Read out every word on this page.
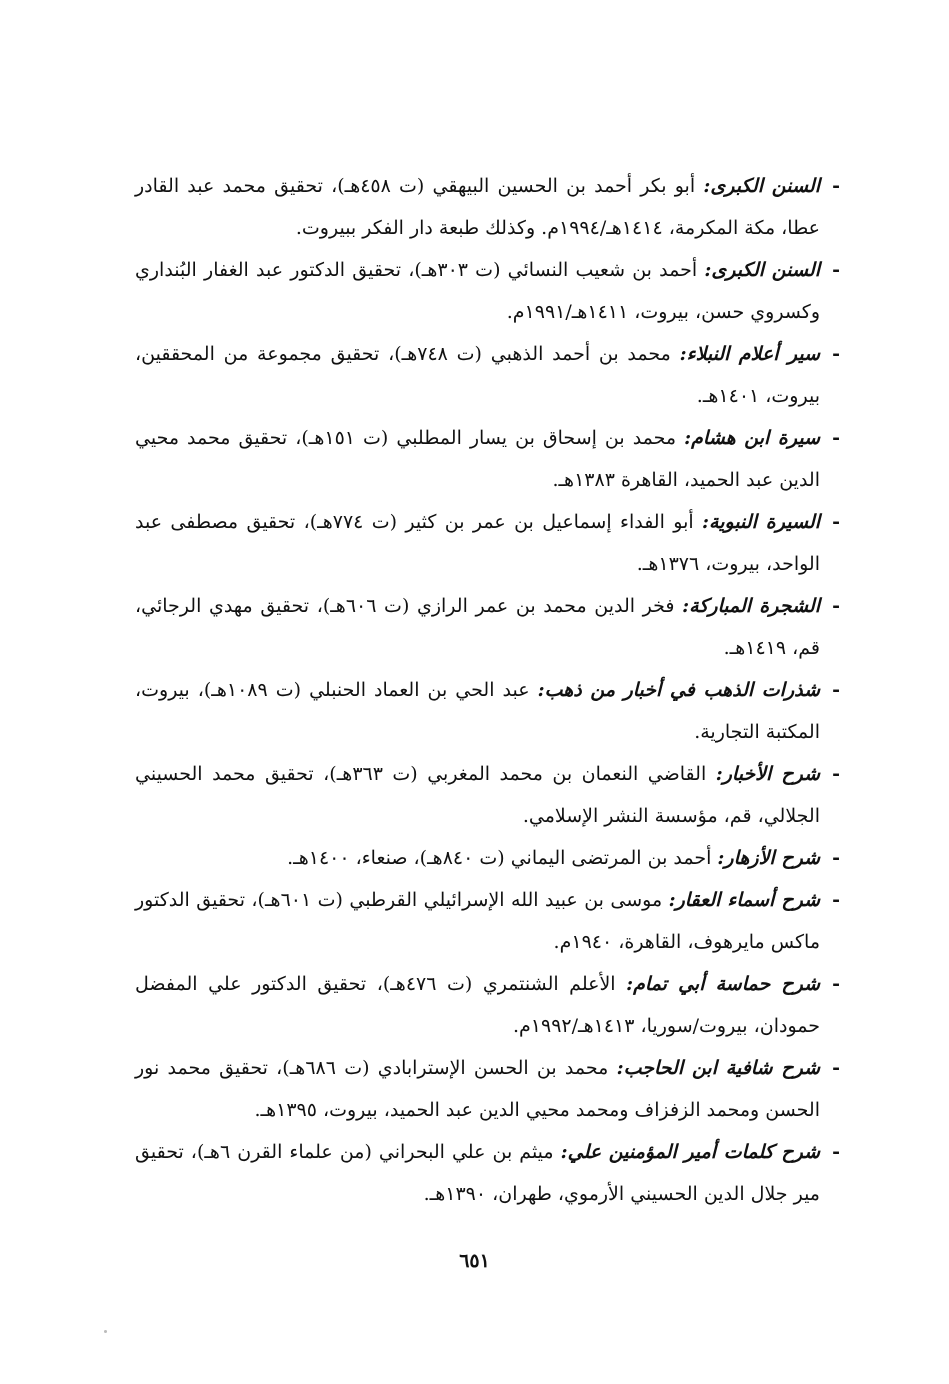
-
السنن الكبرى: أبو بكر أحمد بن الحسين البيهقي (ت ٤٥٨هـ)، تحقيق محمد عبد القادر عطا، مكة المكرمة، ١٤١٤هـ/١٩٩٤م. وكذلك طبعة دار الفكر ببيروت.
-
السنن الكبرى: أحمد بن شعيب النسائي (ت ٣٠٣هـ)، تحقيق الدكتور عبد الغفار البُنداري وكسروي حسن، بيروت، ١٤١١هـ/١٩٩١م.
-
سير أعلام النبلاء: محمد بن أحمد الذهبي (ت ٧٤٨هـ)، تحقيق مجموعة من المحققين، بيروت، ١٤٠١هـ.
-
سيرة ابن هشام: محمد بن إسحاق بن يسار المطلبي (ت ١٥١هـ)، تحقيق محمد محيي الدين عبد الحميد، القاهرة ١٣٨٣هـ.
-
السيرة النبوية: أبو الفداء إسماعيل بن عمر بن كثير (ت ٧٧٤هـ)، تحقيق مصطفى عبد الواحد، بيروت، ١٣٧٦هـ.
-
الشجرة المباركة: فخر الدين محمد بن عمر الرازي (ت ٦٠٦هـ)، تحقيق مهدي الرجائي، قم، ١٤١٩هـ.
-
شذرات الذهب في أخبار من ذهب: عبد الحي بن العماد الحنبلي (ت ١٠٨٩هـ)، بيروت، المكتبة التجارية.
-
شرح الأخبار: القاضي النعمان بن محمد المغربي (ت ٣٦٣هـ)، تحقيق محمد الحسيني الجلالي، قم، مؤسسة النشر الإسلامي.
-
شرح الأزهار: أحمد بن المرتضى اليماني (ت ٨٤٠هـ)، صنعاء، ١٤٠٠هـ.
-
شرح أسماء العقار: موسى بن عبيد الله الإسرائيلي القرطبي (ت ٦٠١هـ)، تحقيق الدكتور ماكس مايرهوف، القاهرة، ١٩٤٠م.
-
شرح حماسة أبي تمام: الأعلم الشنتمري (ت ٤٧٦هـ)، تحقيق الدكتور علي المفضل حمودان، بيروت/سوريا، ١٤١٣هـ/١٩٩٢م.
-
شرح شافية ابن الحاجب: محمد بن الحسن الإسترابادي (ت ٦٨٦هـ)، تحقيق محمد نور الحسن ومحمد الزفزاف ومحمد محيي الدين عبد الحميد، بيروت، ١٣٩٥هـ.
-
شرح كلمات أمير المؤمنين علي: ميثم بن علي البحراني (من علماء القرن ٦هـ)، تحقيق مير جلال الدين الحسيني الأرموي، طهران، ١٣٩٠هـ.
٦٥١
